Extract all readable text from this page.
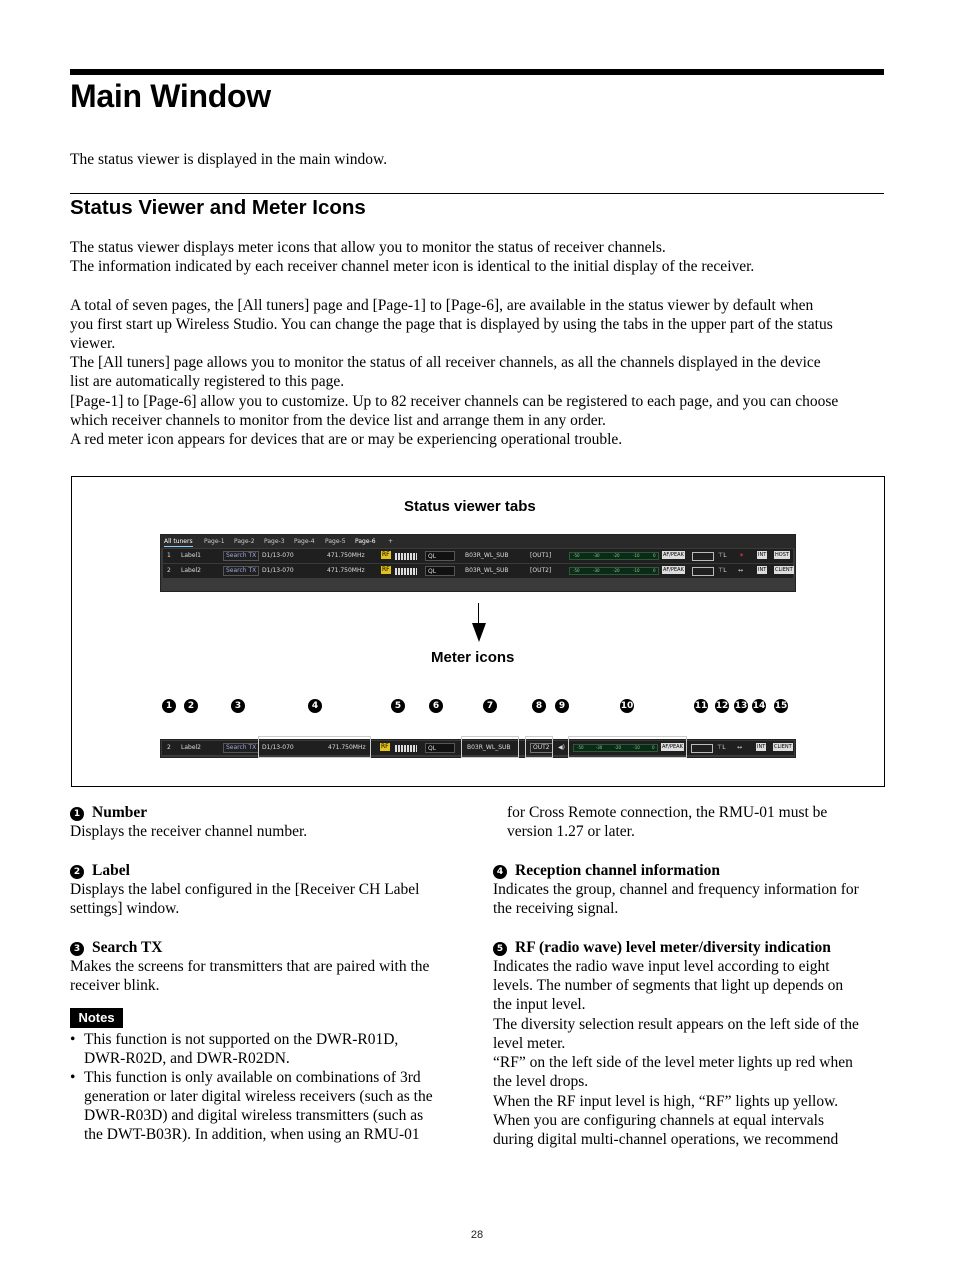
Main Window
The status viewer is displayed in the main window.
Status Viewer and Meter Icons
The status viewer displays meter icons that allow you to monitor the status of receiver channels.
The information indicated by each receiver channel meter icon is identical to the initial display of the receiver.
A total of seven pages, the [All tuners] page and [Page-1] to [Page-6], are available in the status viewer by default when
you first start up Wireless Studio. You can change the page that is displayed by using the tabs in the upper part of the status
viewer.
The [All tuners] page allows you to monitor the status of all receiver channels, as all the channels displayed in the device
list are automatically registered to this page.
[Page-1] to [Page-6] allow you to customize. Up to 82 receiver channels can be registered to each page, and you can choose
which receiver channels to monitor from the device list and arrange them in any order.
A red meter icon appears for devices that are or may be experiencing operational trouble.
Status viewer tabs
All tuners Page-1 Page-2 Page-3 Page-4 Page-5 Page-6 +
1 Label1	Search TX D1/13-070	471.750MHz	RF	QL	B03R_WL_SUB	[OUT1]	-50	-30	-20	-10	0 AF/PEAK	⊤L ✶	INT HOST
2 Label2	Search TX D1/13-070	471.750MHz	RF	QL	B03R_WL_SUB	[OUT2]	-50	-30	-20	-10	0 AF/PEAK	⊤L ↔	INT CLIENT
Meter icons
1	2	3	4	5	6	7	8	9	10	11 12 13 14 15
2 Label2	Search TX D1/13-070	471.750MHz	RF	QL	B03R_WL_SUB	OUT2	◀)	-50	-30	-20	-10	0 AF/PEAK	⊤L ↔	INT CLIENT
1 Number
Displays the receiver channel number.
2 Label
Displays the label configured in the [Receiver CH Label
settings] window.
3 Search TX
Makes the screens for transmitters that are paired with the
receiver blink.
Notes
• This function is not supported on the DWR-R01D,
DWR-R02D, and DWR-R02DN.
• This function is only available on combinations of 3rd
generation or later digital wireless receivers (such as the
DWR-R03D) and digital wireless transmitters (such as
the DWT-B03R). In addition, when using an RMU-01
for Cross Remote connection, the RMU-01 must be
version 1.27 or later.
4 Reception channel information
Indicates the group, channel and frequency information for
the receiving signal.
5 RF (radio wave) level meter/diversity indication
Indicates the radio wave input level according to eight
levels. The number of segments that light up depends on
the input level.
The diversity selection result appears on the left side of the
level meter.
“RF” on the left side of the level meter lights up red when
the level drops.
When the RF input level is high, “RF” lights up yellow.
When you are configuring channels at equal intervals
during digital multi-channel operations, we recommend
28
